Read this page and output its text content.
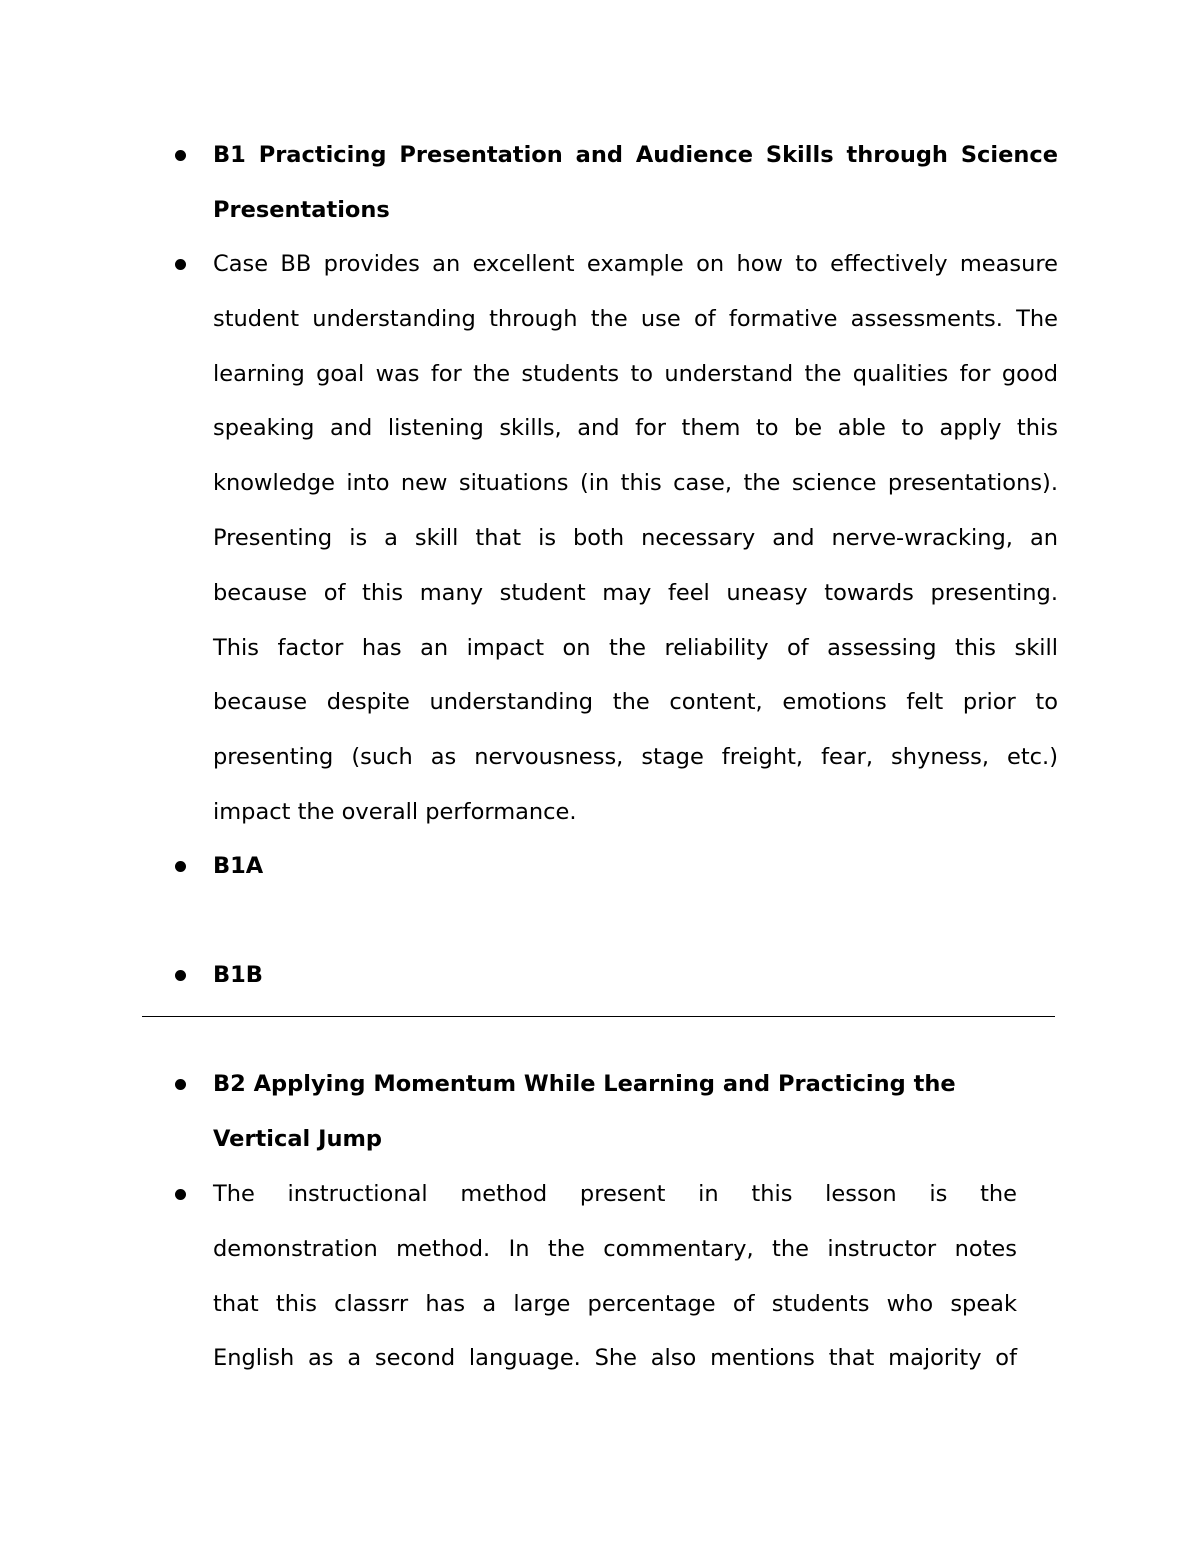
B1 Practicing Presentation and Audience Skills through Science
Presentations
Case BB provides an excellent example on how to effectively measure
student understanding through the use of formative assessments. The
learning goal was for the students to understand the qualities for good
speaking and listening skills, and for them to be able to apply this
knowledge into new situations (in this case, the science presentations).
Presenting is a skill that is both necessary and nerve-wracking, an
because of this many student may feel uneasy towards presenting.
This factor has an impact on the reliability of assessing this skill
because despite understanding the content, emotions felt prior to
presenting (such as nervousness, stage freight, fear, shyness, etc.)
impact the overall performance.
B1A
B1B
B2 Applying Momentum While Learning and Practicing the
Vertical Jump
The instructional method present in this lesson is the
demonstration method. In the commentary, the instructor notes
that this classrr has a large percentage of students who speak
English as a second language. She also mentions that majority of
